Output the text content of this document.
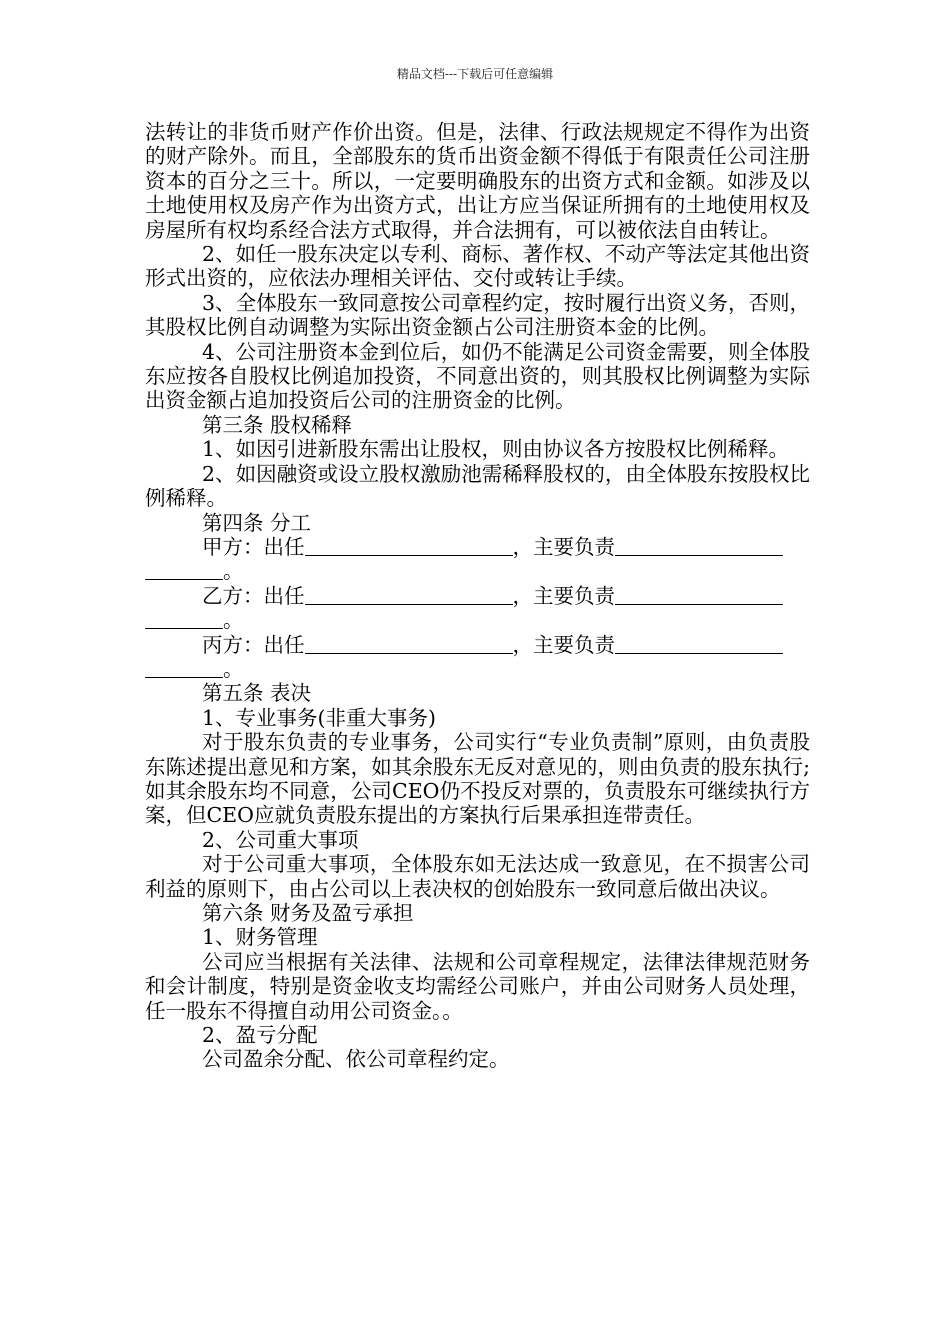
精品文档---下载后可任意编辑

法转让的非货币财产作价出资。但是，法律、行政法规规定不得作为出资的财产除外。而且，全部股东的货币出资金额不得低于有限责任公司注册资本的百分之三十。所以，一定要明确股东的出资方式和金额。如涉及以土地使用权及房产作为出资方式，出让方应当保证所拥有的土地使用权及房屋所有权均系经合法方式取得，并合法拥有，可以被依法自由转让。

2、如任一股东决定以专利、商标、著作权、不动产等法定其他出资形式出资的，应依法办理相关评估、交付或转让手续。

3、全体股东一致同意按公司章程约定，按时履行出资义务，否则，其股权比例自动调整为实际出资金额占公司注册资本金的比例。

4、公司注册资本金到位后，如仍不能满足公司资金需要，则全体股东应按各自股权比例追加投资，不同意出资的，则其股权比例调整为实际出资金额占追加投资后公司的注册资金的比例。

第三条 股权稀释

1、如因引进新股东需出让股权，则由协议各方按股权比例稀释。

2、如因融资或设立股权激励池需稀释股权的，由全体股东按股权比例稀释。

第四条 分工

甲方：出任	，主要负责
。
乙方：出任	，主要负责
。
丙方：出任	，主要负责
。

第五条 表决

1、专业事务(非重大事务)

对于股东负责的专业事务，公司实行“专业负责制”原则，由负责股东陈述提出意见和方案，如其余股东无反对意见的，则由负责的股东执行;如其余股东均不同意，公司CEO仍不投反对票的，负责股东可继续执行方案，但CEO应就负责股东提出的方案执行后果承担连带责任。

2、公司重大事项

对于公司重大事项，全体股东如无法达成一致意见，在不损害公司利益的原则下，由占公司以上表决权的创始股东一致同意后做出决议。

第六条 财务及盈亏承担

1、财务管理

公司应当根据有关法律、法规和公司章程规定，法律法律规范财务和会计制度，特别是资金收支均需经公司账户，并由公司财务人员处理，任一股东不得擅自动用公司资金。。

2、盈亏分配

公司盈余分配、依公司章程约定。
